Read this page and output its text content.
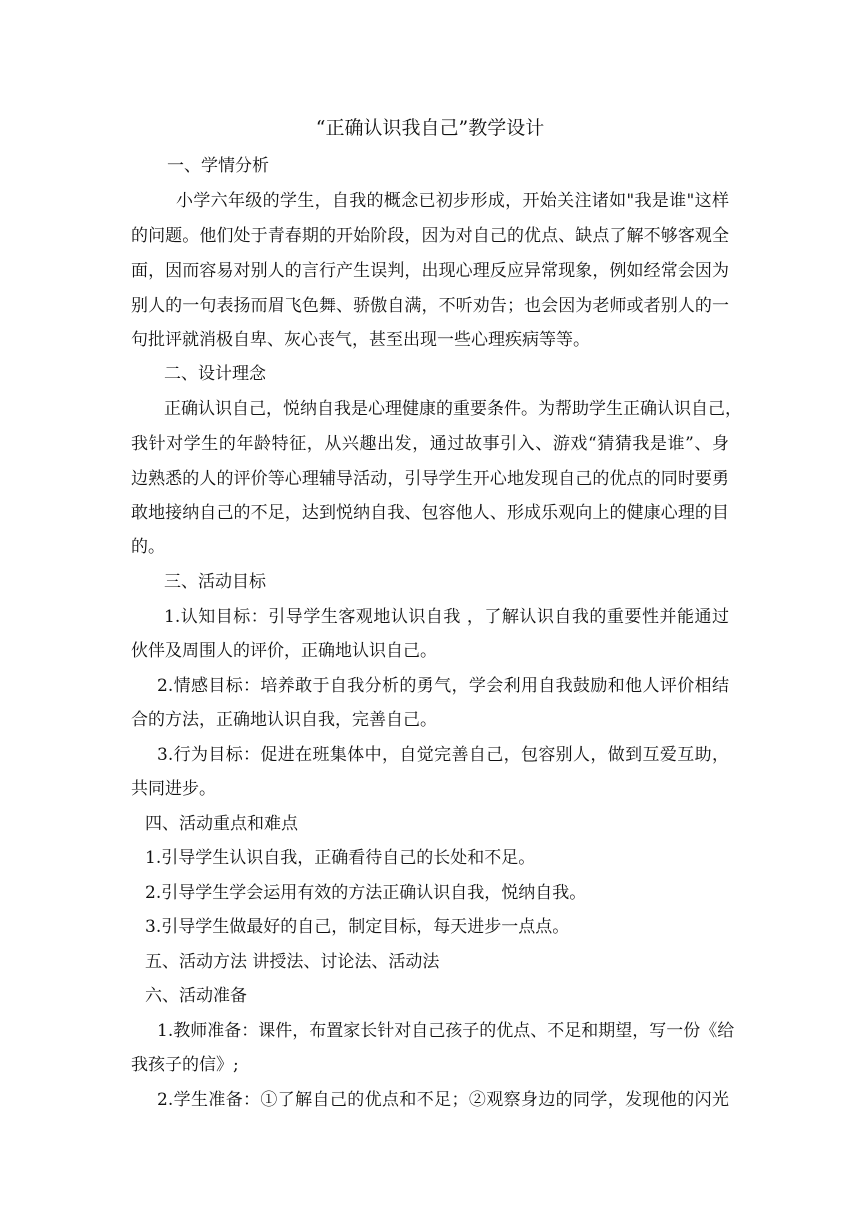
“正确认识我自己”教学设计
一、学情分析
小学六年级的学生，自我的概念已初步形成，开始关注诸如"我是谁"这样
的问题。他们处于青春期的开始阶段，因为对自己的优点、缺点了解不够客观全
面，因而容易对别人的言行产生误判，出现心理反应异常现象，例如经常会因为
别人的一句表扬而眉飞色舞、骄傲自满，不听劝告；也会因为老师或者别人的一
句批评就消极自卑、灰心丧气，甚至出现一些心理疾病等等。
二、设计理念
正确认识自己，悦纳自我是心理健康的重要条件。为帮助学生正确认识自己，
我针对学生的年龄特征，从兴趣出发，通过故事引入、游戏“猜猜我是谁”、身
边熟悉的人的评价等心理辅导活动，引导学生开心地发现自己的优点的同时要勇
敢地接纳自己的不足，达到悦纳自我、包容他人、形成乐观向上的健康心理的目
的。
三、活动目标
1.认知目标：引导学生客观地认识自我 ，了解认识自我的重要性并能通过
伙伴及周围人的评价，正确地认识自己。
2.情感目标：培养敢于自我分析的勇气，学会利用自我鼓励和他人评价相结
合的方法，正确地认识自我，完善自己。
3.行为目标：促进在班集体中，自觉完善自己，包容别人，做到互爱互助，
共同进步。
四、活动重点和难点
1.引导学生认识自我，正确看待自己的长处和不足。
2.引导学生学会运用有效的方法正确认识自我，悦纳自我。
3.引导学生做最好的自己，制定目标，每天进步一点点。
五、活动方法 讲授法、讨论法、活动法
六、活动准备
1.教师准备：课件，布置家长针对自己孩子的优点、不足和期望，写一份《给
我孩子的信》;
2.学生准备：①了解自己的优点和不足；②观察身边的同学，发现他的闪光
